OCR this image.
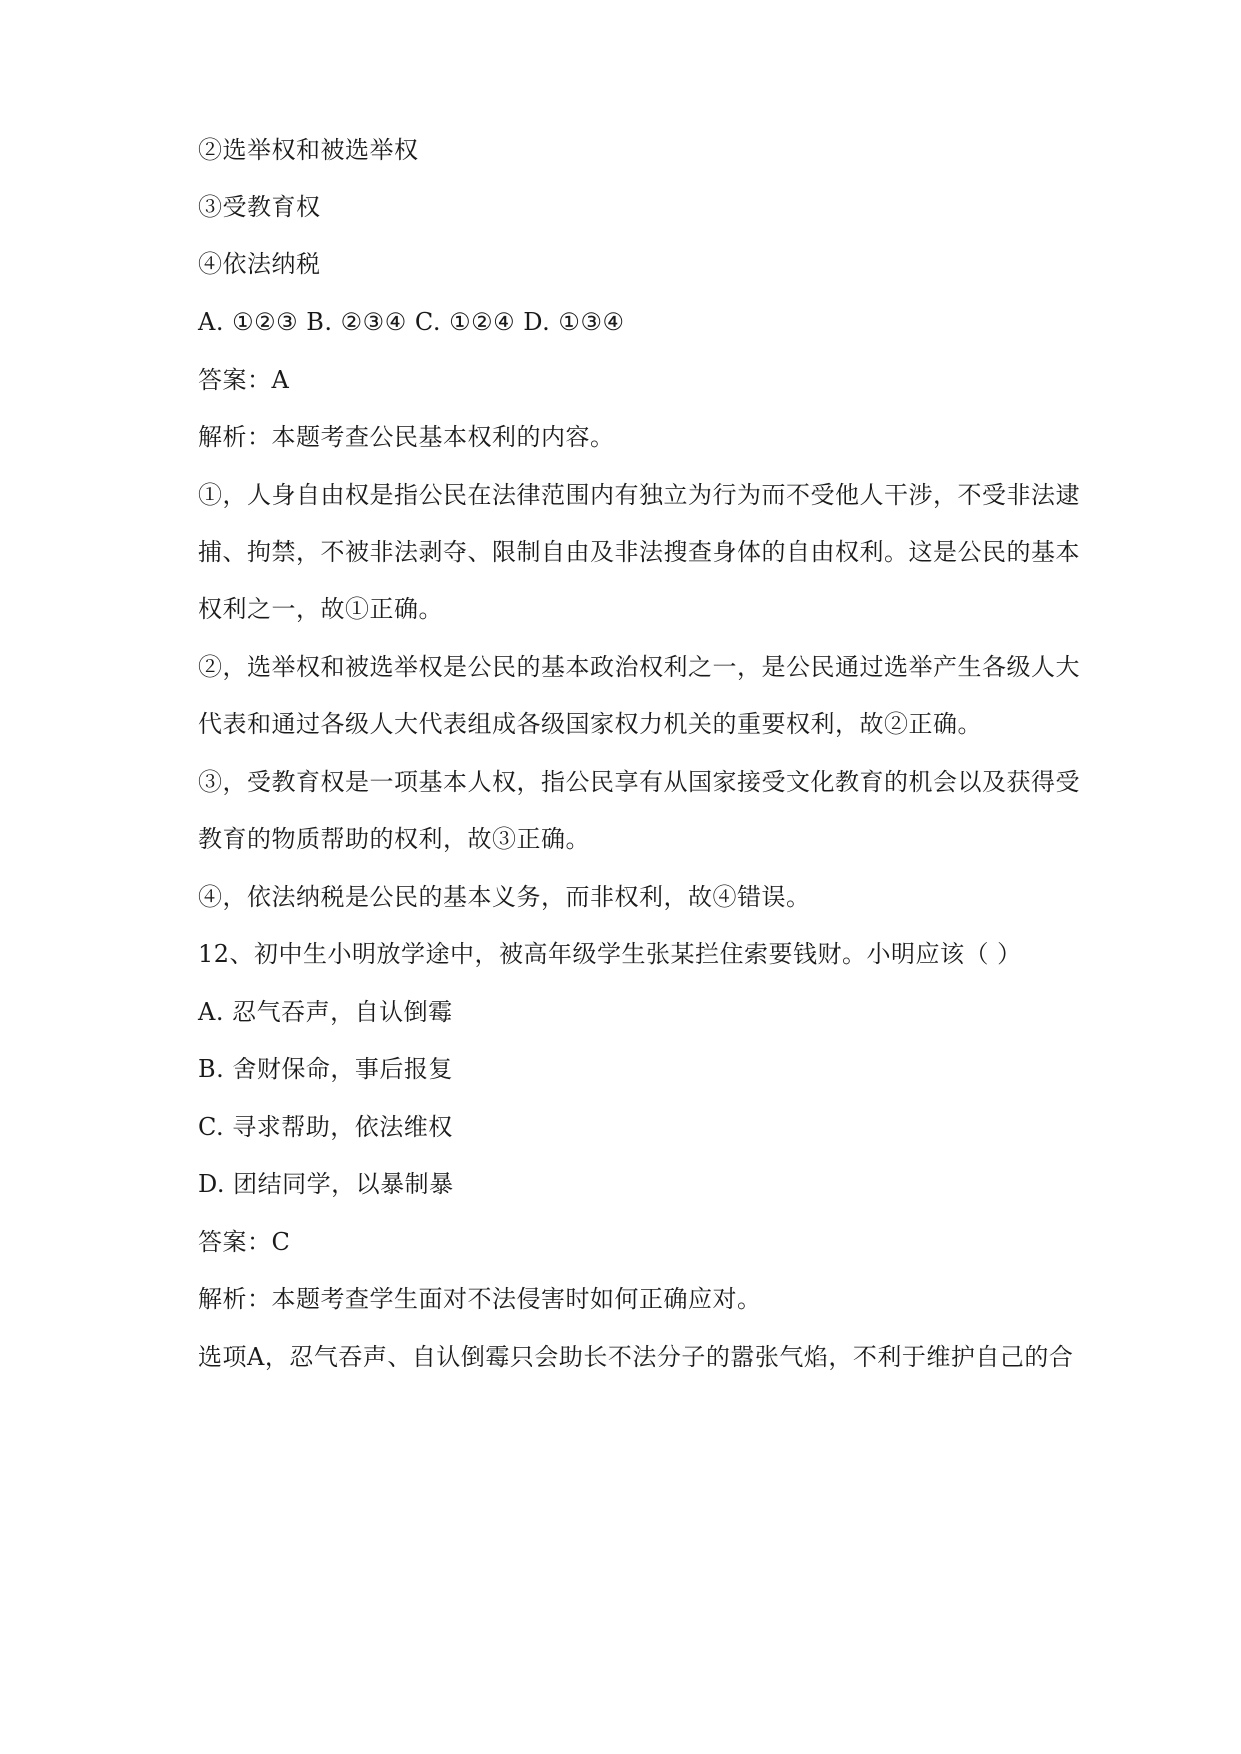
②选举权和被选举权
③受教育权
④依法纳税
A. ①②③ B. ②③④ C. ①②④ D. ①③④
答案：A
解析：本题考查公民基本权利的内容。
①，人身自由权是指公民在法律范围内有独立为行为而不受他人干涉，不受非法逮
捕、拘禁，不被非法剥夺、限制自由及非法搜查身体的自由权利。这是公民的基本
权利之一，故①正确。
②，选举权和被选举权是公民的基本政治权利之一，是公民通过选举产生各级人大
代表和通过各级人大代表组成各级国家权力机关的重要权利，故②正确。
③，受教育权是一项基本人权，指公民享有从国家接受文化教育的机会以及获得受
教育的物质帮助的权利，故③正确。
④，依法纳税是公民的基本义务，而非权利，故④错误。
12、初中生小明放学途中，被高年级学生张某拦住索要钱财。小明应该（ ）
A. 忍气吞声，自认倒霉
B. 舍财保命，事后报复
C. 寻求帮助，依法维权
D. 团结同学，以暴制暴
答案：C
解析：本题考查学生面对不法侵害时如何正确应对。
选项A，忍气吞声、自认倒霉只会助长不法分子的嚣张气焰，不利于维护自己的合
